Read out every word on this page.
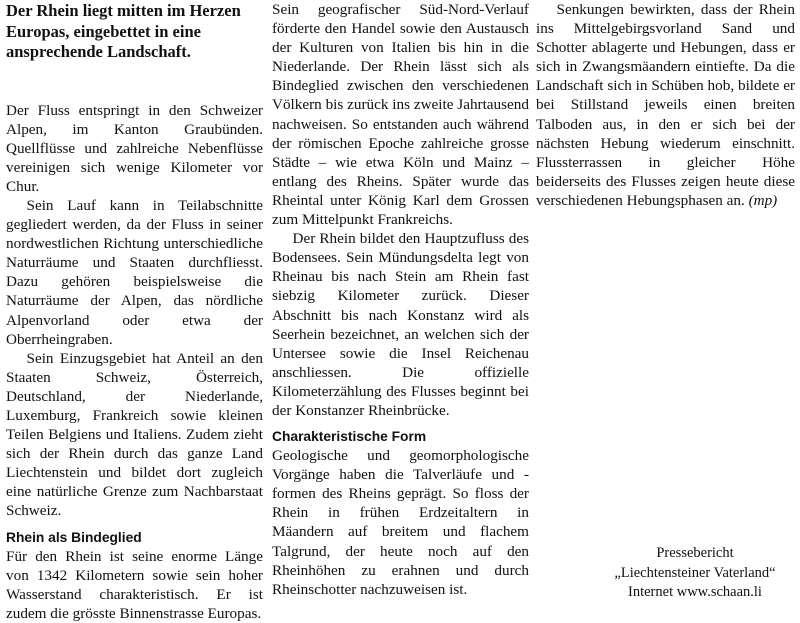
Der Rhein liegt mitten im Herzen Europas, eingebettet in eine ansprechende Landschaft.

Der Fluss entspringt in den Schweizer Alpen, im Kanton Graubünden. Quellflüsse und zahlreiche Nebenflüsse vereinigen sich wenige Kilometer vor Chur.

Sein Lauf kann in Teilabschnitte gegliedert werden, da der Fluss in seiner nordwestlichen Richtung unterschiedliche Naturräume und Staaten durchfliesst. Dazu gehören beispielsweise die Naturräume der Alpen, das nördliche Alpenvorland oder etwa der Oberrheingraben.

Sein Einzugsgebiet hat Anteil an den Staaten Schweiz, Österreich, Deutschland, der Niederlande, Luxemburg, Frankreich sowie kleinen Teilen Belgiens und Italiens. Zudem zieht sich der Rhein durch das ganze Land Liechtenstein und bildet dort zugleich eine natürliche Grenze zum Nachbarstaat Schweiz.

Rhein als Bindeglied

Für den Rhein ist seine enorme Länge von 1342 Kilometern sowie sein hoher Wasserstand charakteristisch. Er ist zudem die grösste Binnenstrasse Europas.

Sein geografischer Süd-Nord-Verlauf förderte den Handel sowie den Austausch der Kulturen von Italien bis hin in die Niederlande. Der Rhein lässt sich als Bindeglied zwischen den verschiedenen Völkern bis zurück ins zweite Jahrtausend nachweisen. So entstanden auch während der römischen Epoche zahlreiche grosse Städte – wie etwa Köln und Mainz – entlang des Rheins. Später wurde das Rheintal unter König Karl dem Grossen zum Mittelpunkt Frankreichs.

Der Rhein bildet den Hauptzufluss des Bodensees. Sein Mündungsdelta legt von Rheinau bis nach Stein am Rhein fast siebzig Kilometer zurück. Dieser Abschnitt bis nach Konstanz wird als Seerhein bezeichnet, an welchen sich der Untersee sowie die Insel Reichenau anschliessen. Die offizielle Kilometerzählung des Flusses beginnt bei der Konstanzer Rheinbrücke.

Charakteristische Form

Geologische und geomorphologische Vorgänge haben die Talverläufe und -formen des Rheins geprägt. So floss der Rhein in frühen Erdzeitaltern in Mäandern auf breitem und flachem Talgrund, der heute noch auf den Rheinhöhen zu erahnen und durch Rheinschotter nachzuweisen ist.

Senkungen bewirkten, dass der Rhein ins Mittelgebirgsvorland Sand und Schotter ablagerte und Hebungen, dass er sich in Zwangsmäandern eintiefte. Da die Landschaft sich in Schüben hob, bildete er bei Stillstand jeweils einen breiten Talboden aus, in den er sich bei der nächsten Hebung wiederum einschnitt. Flussterrassen in gleicher Höhe beiderseits des Flusses zeigen heute diese verschiedenen Hebungsphasen an. (mp)

Pressebericht
„Liechtensteiner Vaterland“
Internet www.schaan.li
